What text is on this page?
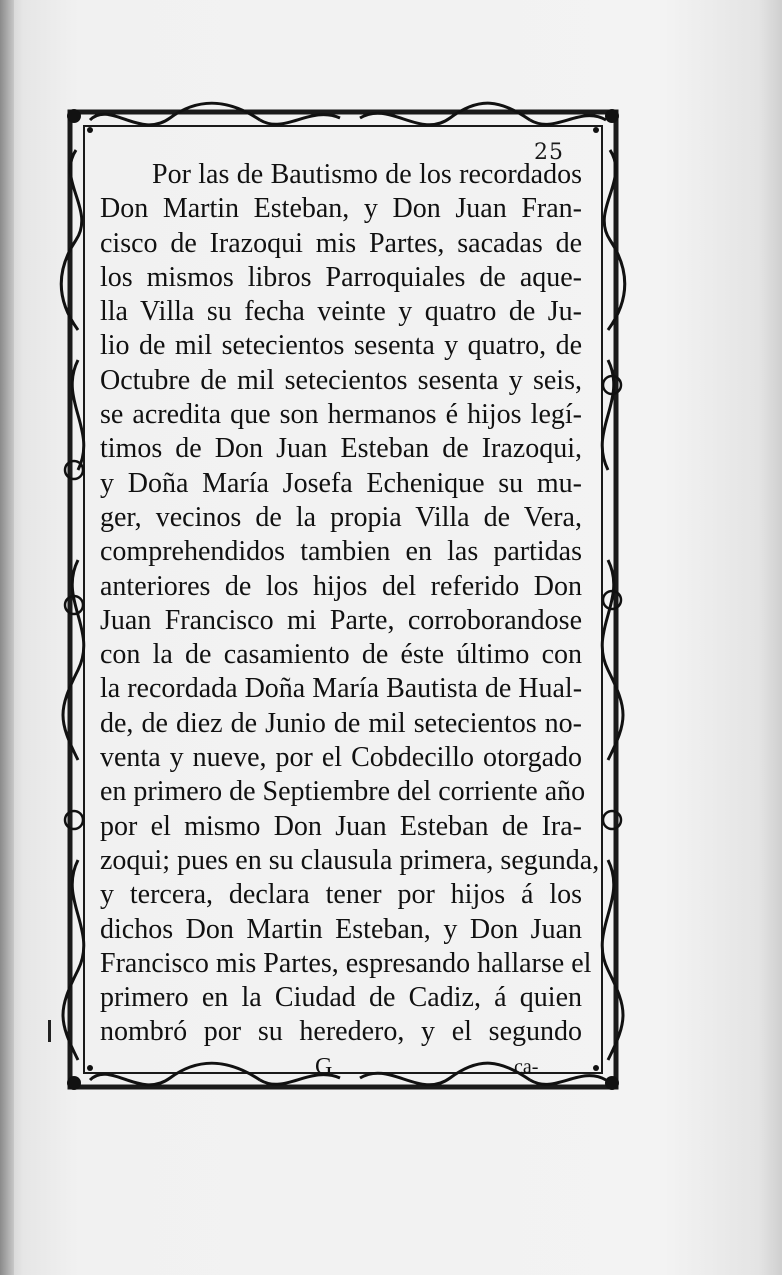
25
Por las de Bautismo de los recordados
Don Martin Esteban, y Don Juan Fran-
cisco de Irazoqui mis Partes, sacadas de
los mismos libros Parroquiales de aque-
lla Villa su fecha veinte y quatro de Ju-
lio de mil setecientos sesenta y quatro, de
Octubre de mil setecientos sesenta y seis,
se acredita que son hermanos é hijos legí-
timos de Don Juan Esteban de Irazoqui,
y Doña María Josefa Echenique su mu-
ger, vecinos de la propia Villa de Vera,
comprehendidos tambien en las partidas
anteriores de los hijos del referido Don
Juan Francisco mi Parte, corroborandose
con la de casamiento de éste último con
la recordada Doña María Bautista de Hual-
de, de diez de Junio de mil setecientos no-
venta y nueve, por el Cobdecillo otorgado
en primero de Septiembre del corriente año
por el mismo Don Juan Esteban de Ira-
zoqui; pues en su clausula primera, segunda,
y tercera, declara tener por hijos á los
dichos Don Martin Esteban, y Don Juan
Francisco mis Partes, espresando hallarse el
primero en la Ciudad de Cadiz, á quien
nombró por su heredero, y el segundo
G	ca-
